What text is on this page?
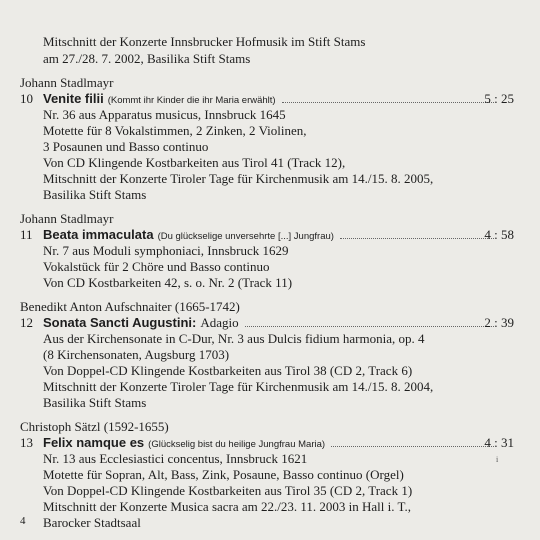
Mitschnitt der Konzerte Innsbrucker Hofmusik im Stift Stams
am 27./28. 7. 2002, Basilika Stift Stams
Johann Stadlmayr
10 Venite filii (Kommt ihr Kinder die ihr Maria erwählt)	5 : 25
Nr. 36 aus Apparatus musicus, Innsbruck 1645
Motette für 8 Vokalstimmen, 2 Zinken, 2 Violinen,
3 Posaunen und Basso continuo
Von CD Klingende Kostbarkeiten aus Tirol 41 (Track 12),
Mitschnitt der Konzerte Tiroler Tage für Kirchenmusik am 14./15. 8. 2005,
Basilika Stift Stams
Johann Stadlmayr
11 Beata immaculata (Du glückselige unversehrte [...] Jungfrau)	4 : 58
Nr. 7 aus Moduli symphoniaci, Innsbruck 1629
Vokalstück für 2 Chöre und Basso continuo
Von CD Kostbarkeiten 42, s. o. Nr. 2 (Track 11)
Benedikt Anton Aufschnaiter (1665-1742)
12 Sonata Sancti Augustini: Adagio	2 : 39
Aus der Kirchensonate in C-Dur, Nr. 3 aus Dulcis fidium harmonia, op. 4
(8 Kirchensonaten, Augsburg 1703)
Von Doppel-CD Klingende Kostbarkeiten aus Tirol 38 (CD 2, Track 6)
Mitschnitt der Konzerte Tiroler Tage für Kirchenmusik am 14./15. 8. 2004,
Basilika Stift Stams
Christoph Sätzl (1592-1655)
13 Felix namque es (Glückselig bist du heilige Jungfrau Maria)	4 : 31
Nr. 13 aus Ecclesiastici concentus, Innsbruck 1621
Motette für Sopran, Alt, Bass, Zink, Posaune, Basso continuo (Orgel)
Von Doppel-CD Klingende Kostbarkeiten aus Tirol 35 (CD 2, Track 1)
Mitschnitt der Konzerte Musica sacra am 22./23. 11. 2003 in Hall i. T.,
Barocker Stadtsaal
4
i
